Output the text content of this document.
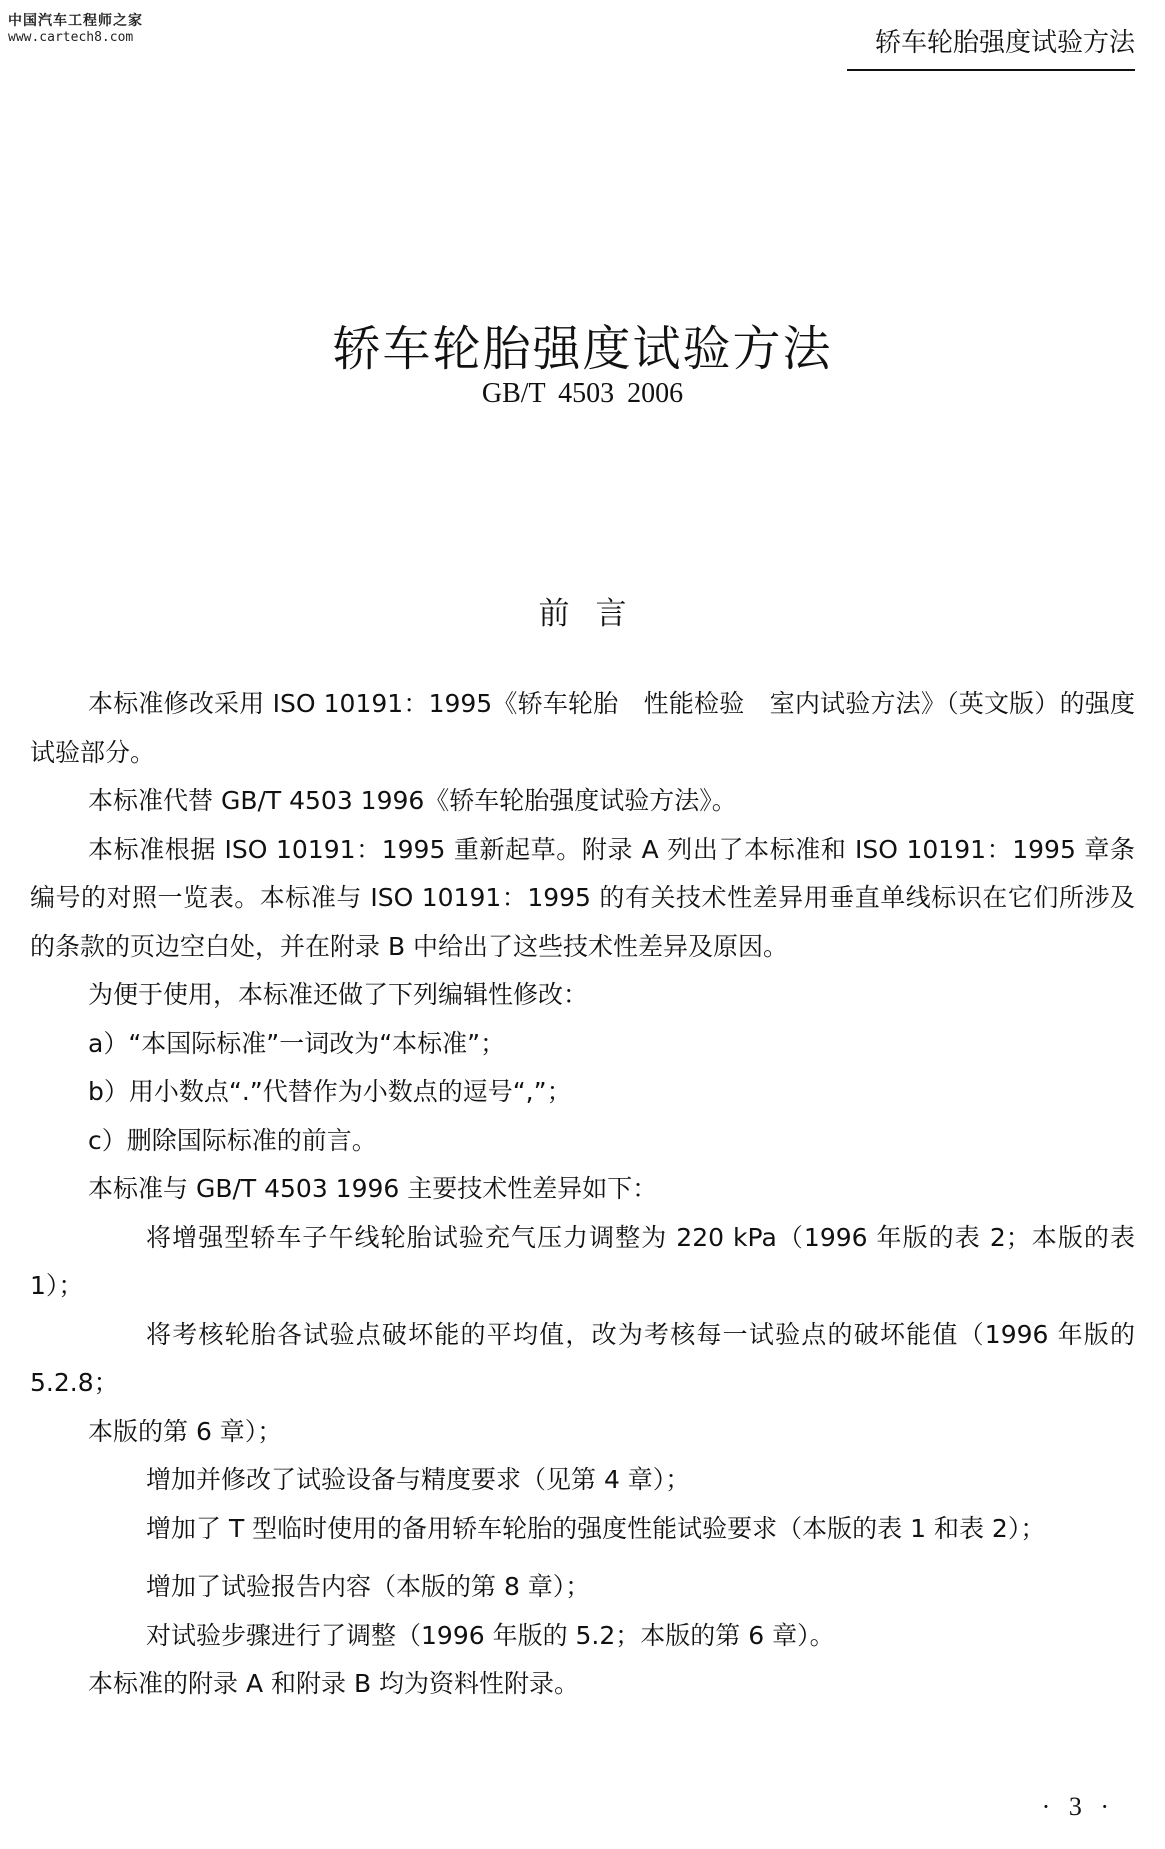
中国汽车工程师之家
www.cartech8.com	轿车轮胎强度试验方法
轿车轮胎强度试验方法
GB/T 4503 2006
前言

本标准修改采用 ISO 10191：1995《轿车轮胎　性能检验　室内试验方法》（英文版）的强度试验部分。

本标准代替 GB/T 4503 1996《轿车轮胎强度试验方法》。

本标准根据 ISO 10191：1995 重新起草。附录 A 列出了本标准和 ISO 10191：1995 章条编号的对照一览表。本标准与 ISO 10191：1995 的有关技术性差异用垂直单线标识在它们所涉及的条款的页边空白处，并在附录 B 中给出了这些技术性差异及原因。

为便于使用，本标准还做了下列编辑性修改：

a）“本国际标准”一词改为“本标准”；

b）用小数点“.”代替作为小数点的逗号“,”；

c）删除国际标准的前言。

本标准与 GB/T 4503 1996 主要技术性差异如下：

将增强型轿车子午线轮胎试验充气压力调整为 220 kPa（1996 年版的表 2；本版的表 1）；

将考核轮胎各试验点破坏能的平均值，改为考核每一试验点的破坏能值（1996 年版的 5.2.8；

本版的第 6 章）；

增加并修改了试验设备与精度要求（见第 4 章）；

增加了 T 型临时使用的备用轿车轮胎的强度性能试验要求（本版的表 1 和表 2）；

增加了试验报告内容（本版的第 8 章）；

对试验步骤进行了调整（1996 年版的 5.2；本版的第 6 章）。

本标准的附录 A 和附录 B 均为资料性附录。

· 3 ·
